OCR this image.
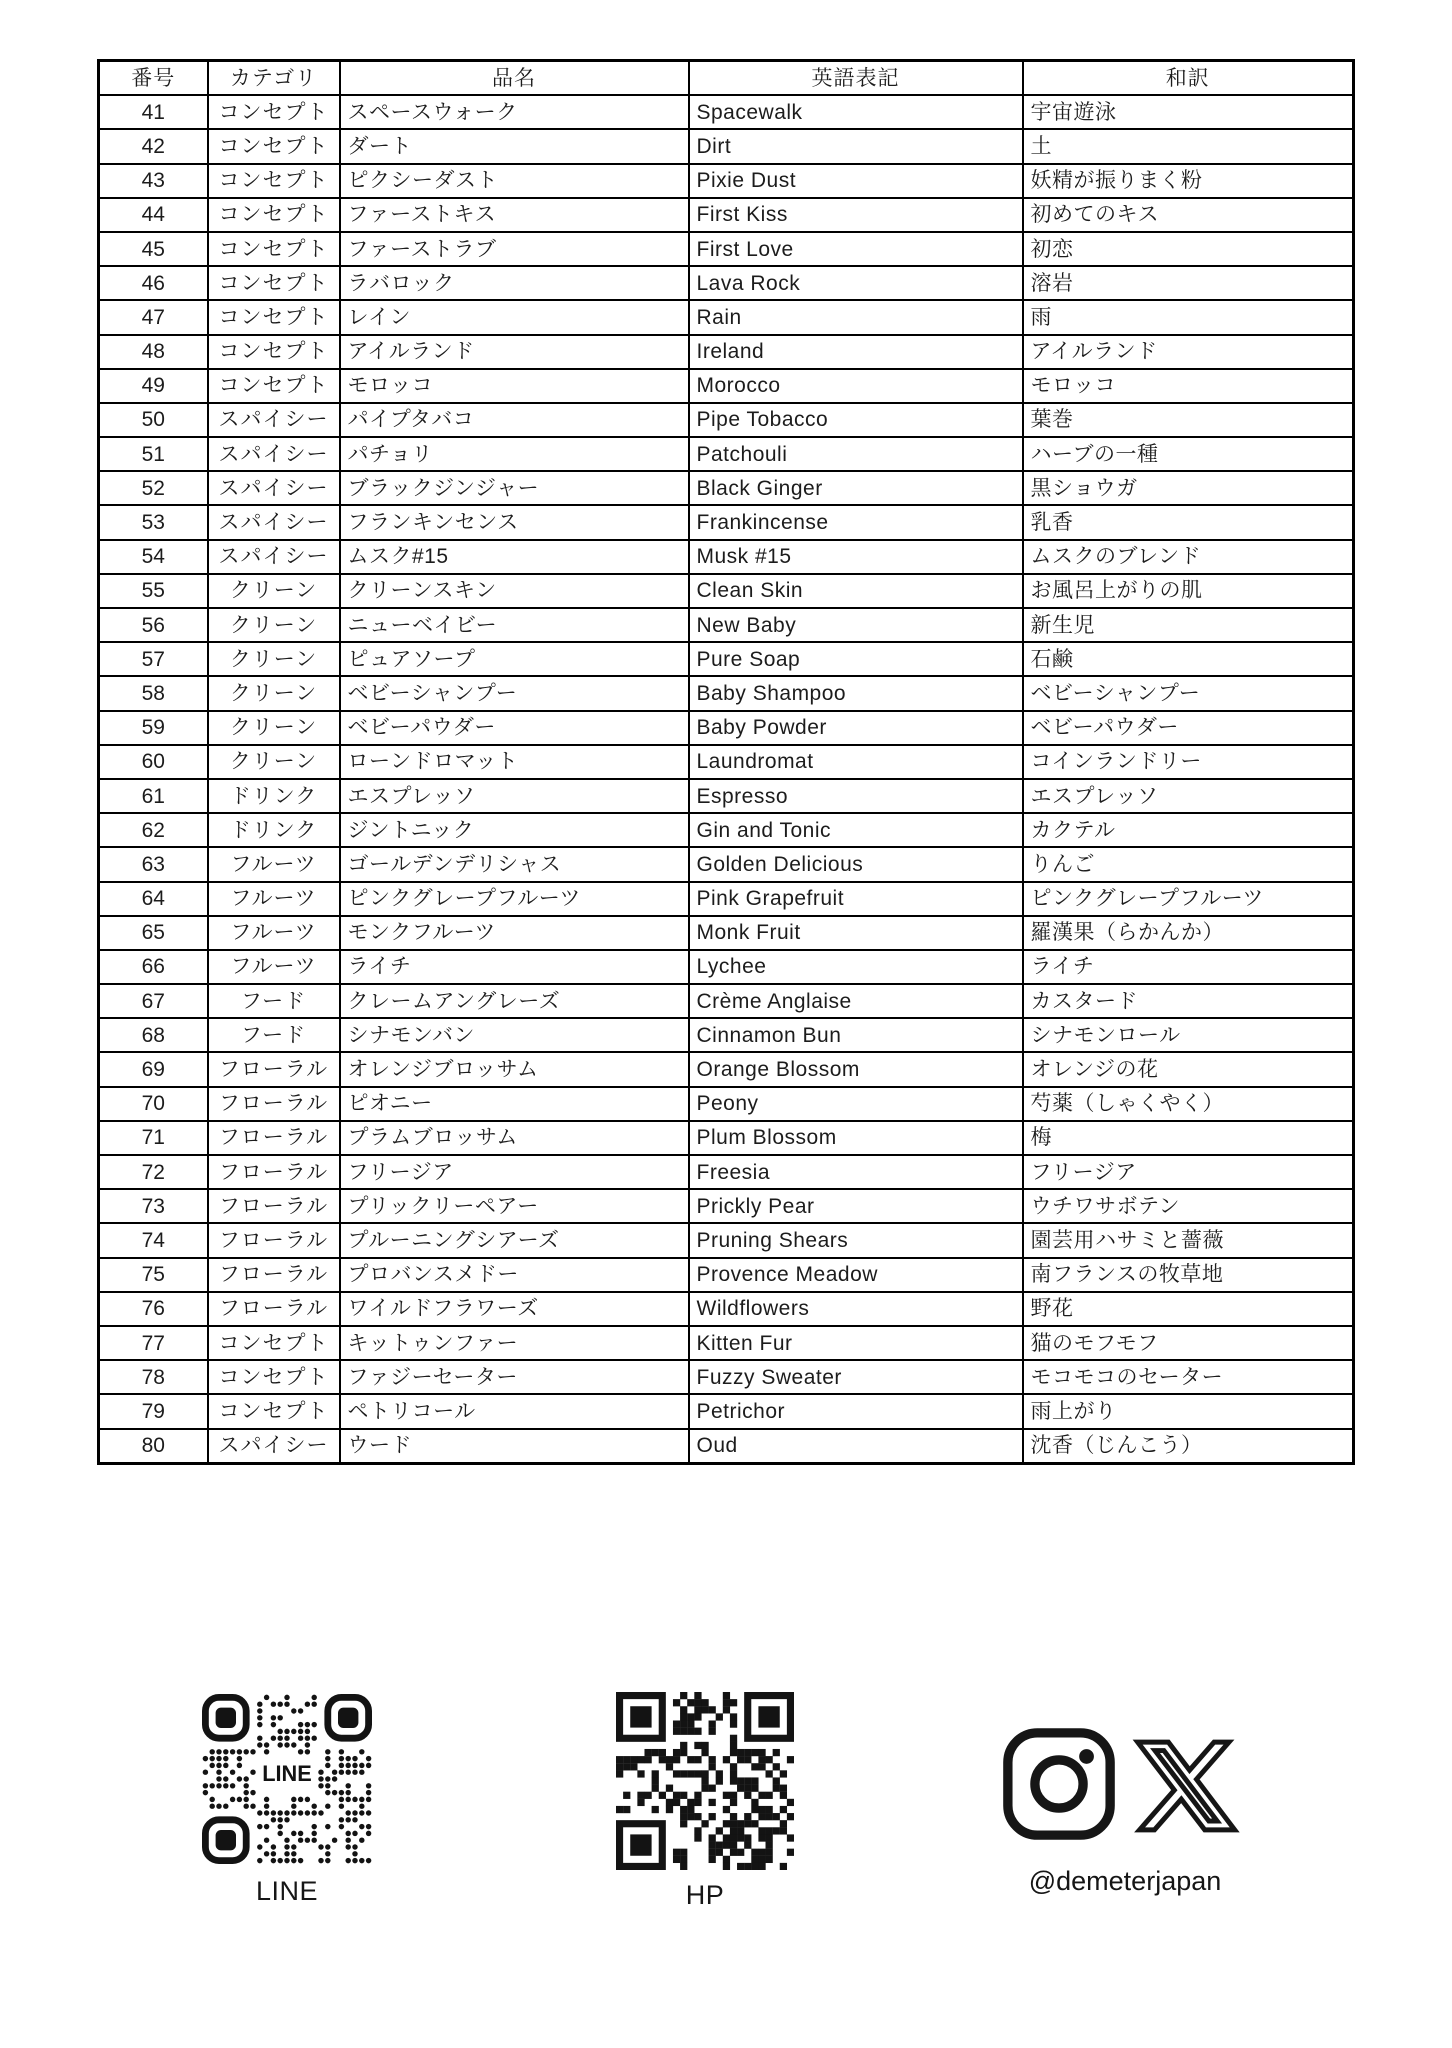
番号	カテゴリ	品名	英語表記	和訳
41	コンセプト	スペースウォーク	Spacewalk	宇宙遊泳
42	コンセプト	ダート	Dirt	土
43	コンセプト	ピクシーダスト	Pixie Dust	妖精が振りまく粉
44	コンセプト	ファーストキス	First Kiss	初めてのキス
45	コンセプト	ファーストラブ	First Love	初恋
46	コンセプト	ラバロック	Lava Rock	溶岩
47	コンセプト	レイン	Rain	雨
48	コンセプト	アイルランド	Ireland	アイルランド
49	コンセプト	モロッコ	Morocco	モロッコ
50	スパイシー	パイプタバコ	Pipe Tobacco	葉巻
51	スパイシー	パチョリ	Patchouli	ハーブの一種
52	スパイシー	ブラックジンジャー	Black Ginger	黒ショウガ
53	スパイシー	フランキンセンス	Frankincense	乳香
54	スパイシー	ムスク#15	Musk #15	ムスクのブレンド
55	クリーン	クリーンスキン	Clean Skin	お風呂上がりの肌
56	クリーン	ニューベイビー	New Baby	新生児
57	クリーン	ピュアソープ	Pure Soap	石鹸
58	クリーン	ベビーシャンプー	Baby Shampoo	ベビーシャンプー
59	クリーン	ベビーパウダー	Baby Powder	ベビーパウダー
60	クリーン	ローンドロマット	Laundromat	コインランドリー
61	ドリンク	エスプレッソ	Espresso	エスプレッソ
62	ドリンク	ジントニック	Gin and Tonic	カクテル
63	フルーツ	ゴールデンデリシャス	Golden Delicious	りんご
64	フルーツ	ピンクグレープフルーツ	Pink Grapefruit	ピンクグレープフルーツ
65	フルーツ	モンクフルーツ	Monk Fruit	羅漢果（らかんか）
66	フルーツ	ライチ	Lychee	ライチ
67	フード	クレームアングレーズ	Crème Anglaise	カスタード
68	フード	シナモンバン	Cinnamon Bun	シナモンロール
69	フローラル	オレンジブロッサム	Orange Blossom	オレンジの花
70	フローラル	ピオニー	Peony	芍薬（しゃくやく）
71	フローラル	プラムブロッサム	Plum Blossom	梅
72	フローラル	フリージア	Freesia	フリージア
73	フローラル	プリックリーペアー	Prickly Pear	ウチワサボテン
74	フローラル	プルーニングシアーズ	Pruning Shears	園芸用ハサミと薔薇
75	フローラル	プロバンスメドー	Provence Meadow	南フランスの牧草地
76	フローラル	ワイルドフラワーズ	Wildflowers	野花
77	コンセプト	キットゥンファー	Kitten Fur	猫のモフモフ
78	コンセプト	ファジーセーター	Fuzzy Sweater	モコモコのセーター
79	コンセプト	ペトリコール	Petrichor	雨上がり
80	スパイシー	ウード	Oud	沈香（じんこう）
LINE
LINE	HP	@demeterjapan
